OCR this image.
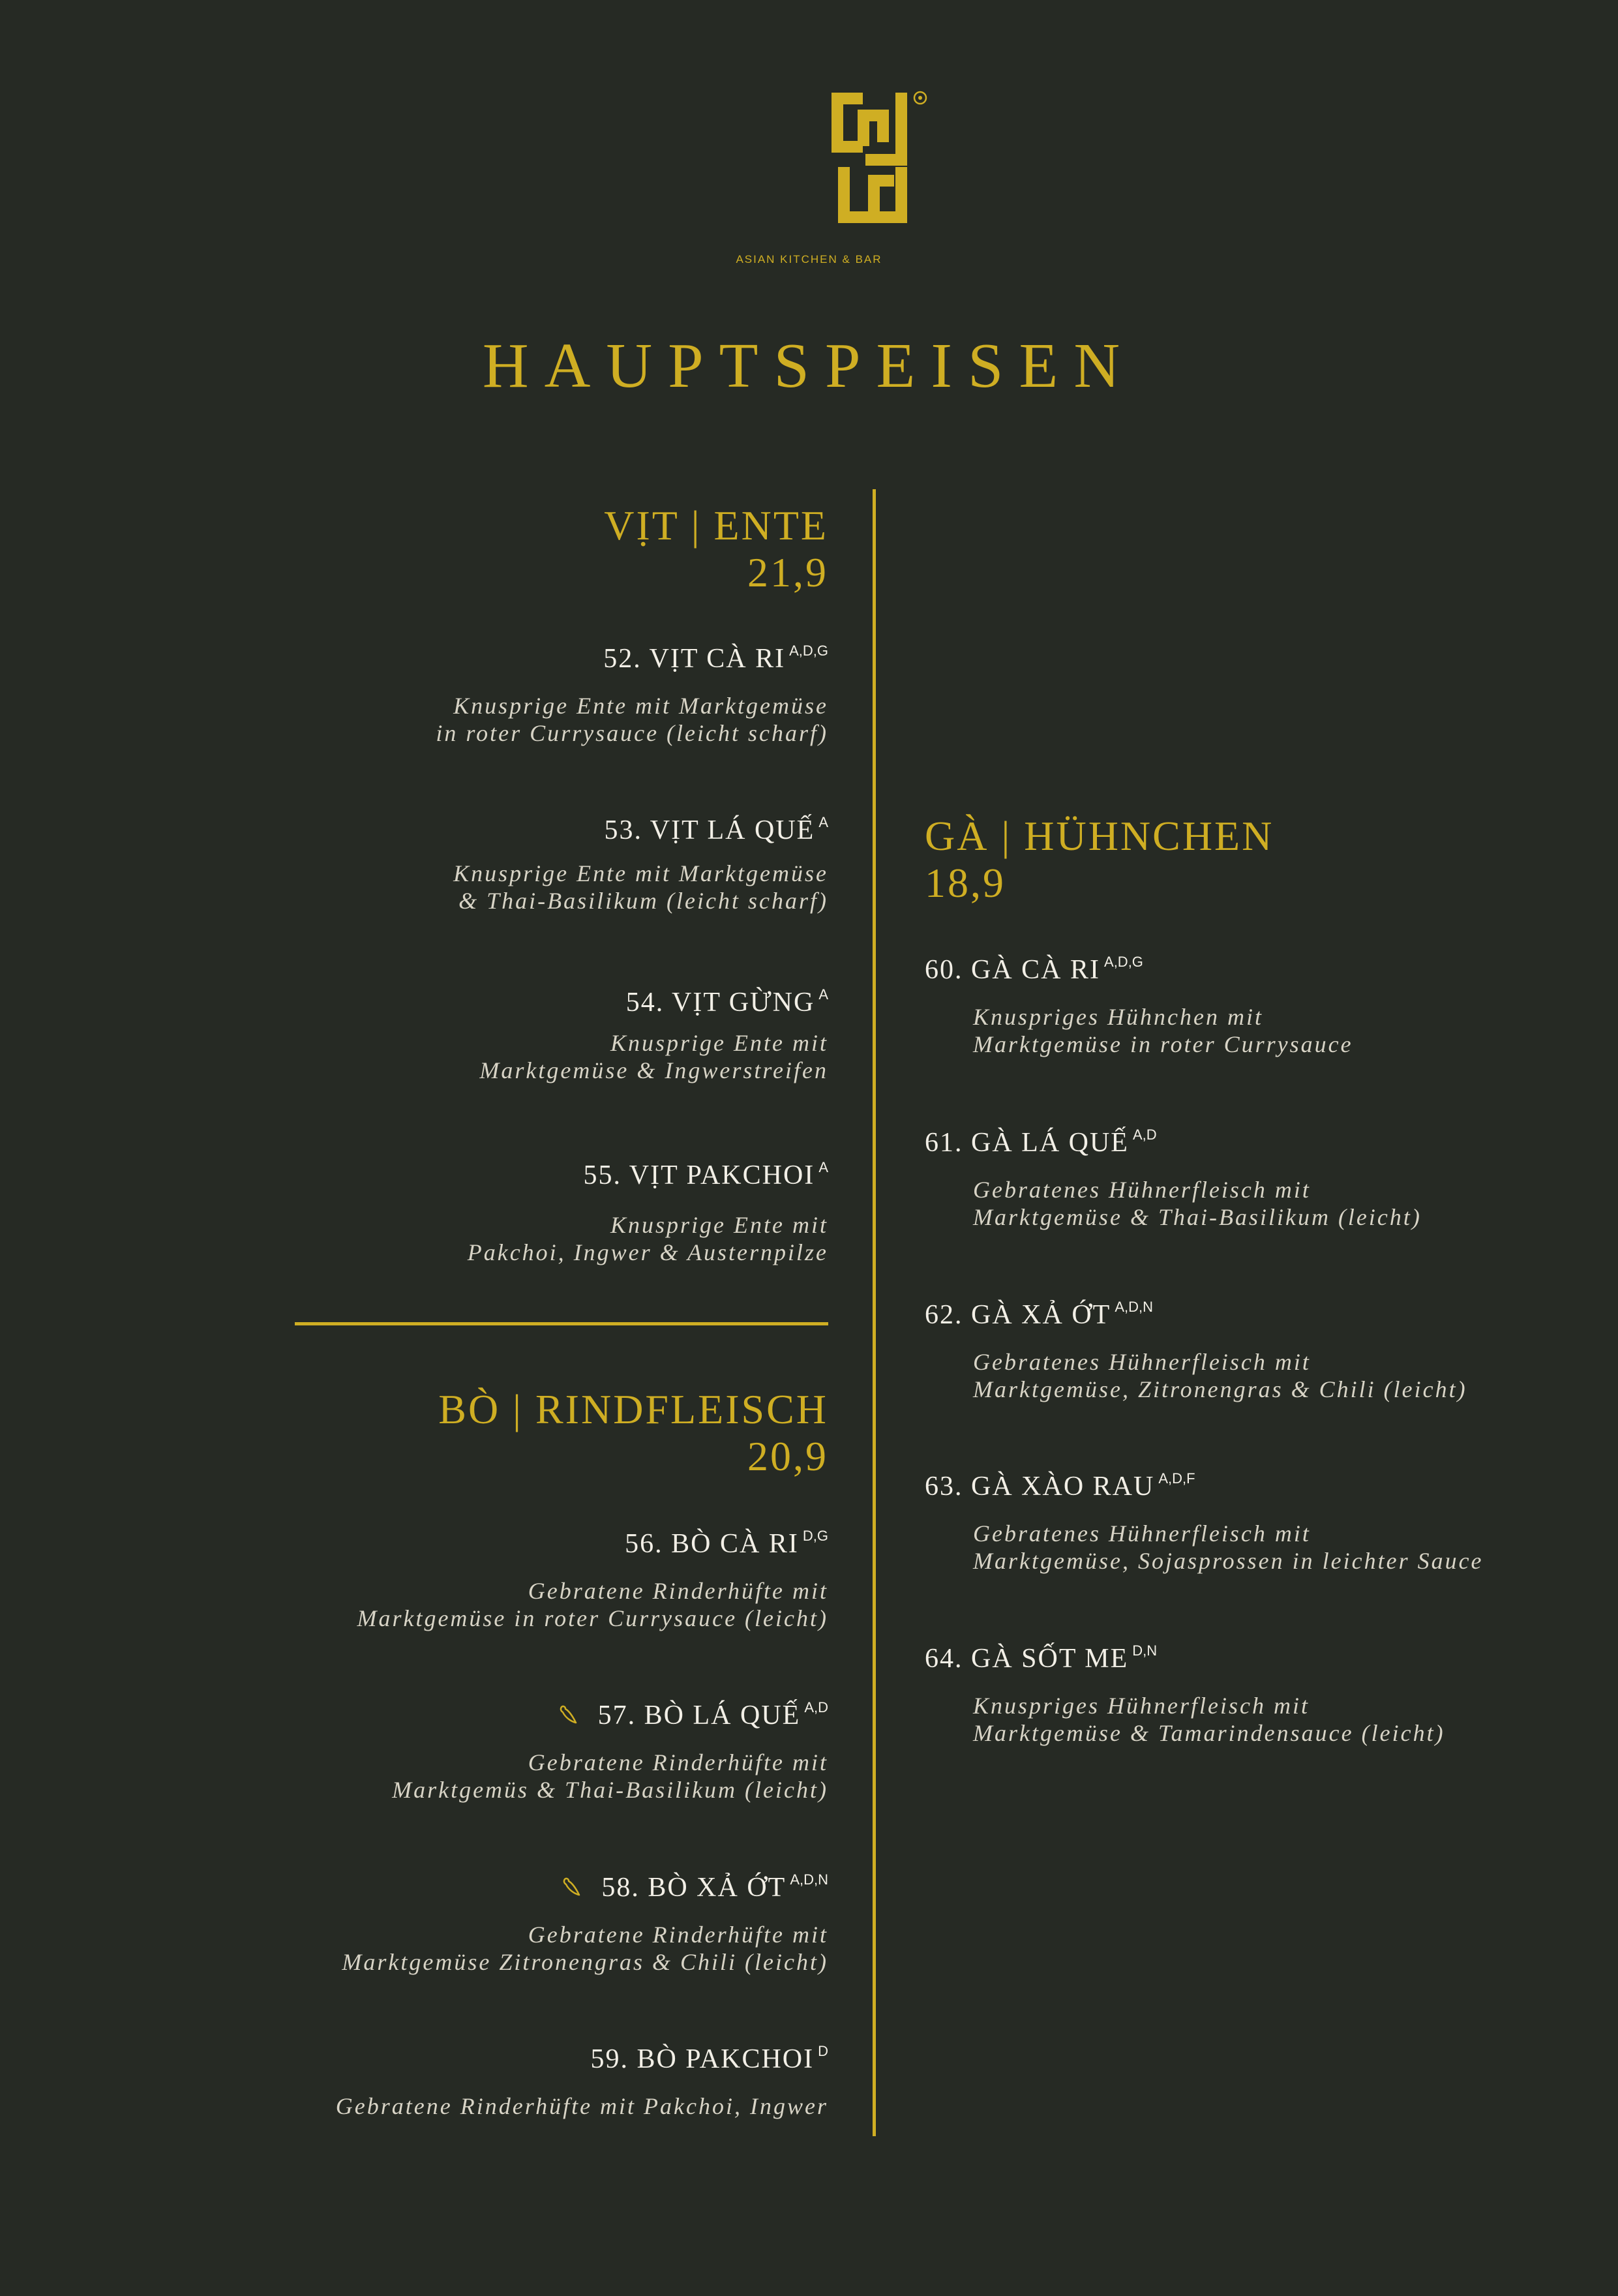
ASIAN KITCHEN & BAR
HAUPTSPEISEN
VỊT | ENTE
21,9
52. VỊT CÀ RI $^{A,D,G}$
Knusprige Ente mit Marktgemüse
in roter Currysauce (leicht scharf)
53. VỊT LÁ QUẾ $^A$
Knusprige Ente mit Marktgemüse
& Thai-Basilikum (leicht scharf)
54. VỊT GỪNG $^A$
Knusprige Ente mit
Marktgemüse & Ingwerstreifen
55. VỊT PAKCHOI $^A$
Knusprige Ente mit
Pakchoi, Ingwer & Austernpilze
BÒ | RINDFLEISCH
20,9
56. BÒ CÀ RI $^{D,G}$
Gebratene Rinderhüfte mit
Marktgemüse in roter Currysauce (leicht)
57. BÒ LÁ QUẾ $^{A,D}$
Gebratene Rinderhüfte mit
Marktgemüs & Thai-Basilikum (leicht)
58. BÒ XẢ ỚT $^{A,D,N}$
Gebratene Rinderhüfte mit
Marktgemüse Zitronengras & Chili (leicht)
59. BÒ PAKCHOI $^D$
Gebratene Rinderhüfte mit Pakchoi, Ingwer
GÀ | HÜHNCHEN
18,9
60. GÀ CÀ RI $^{A,D,G}$
Knuspriges Hühnchen mit
Marktgemüse in roter Currysauce
61. GÀ LÁ QUẾ $^{A,D}$
Gebratenes Hühnerfleisch mit
Marktgemüse & Thai-Basilikum (leicht)
62. GÀ XẢ ỚT $^{A,D,N}$
Gebratenes Hühnerfleisch mit
Marktgemüse, Zitronengras & Chili (leicht)
63. GÀ XÀO RAU $^{A,D,F}$
Gebratenes Hühnerfleisch mit
Marktgemüse, Sojasprossen in leichter Sauce
64. GÀ SỐT ME $^{D,N}$
Knuspriges Hühnerfleisch mit
Marktgemüse & Tamarindensauce (leicht)
